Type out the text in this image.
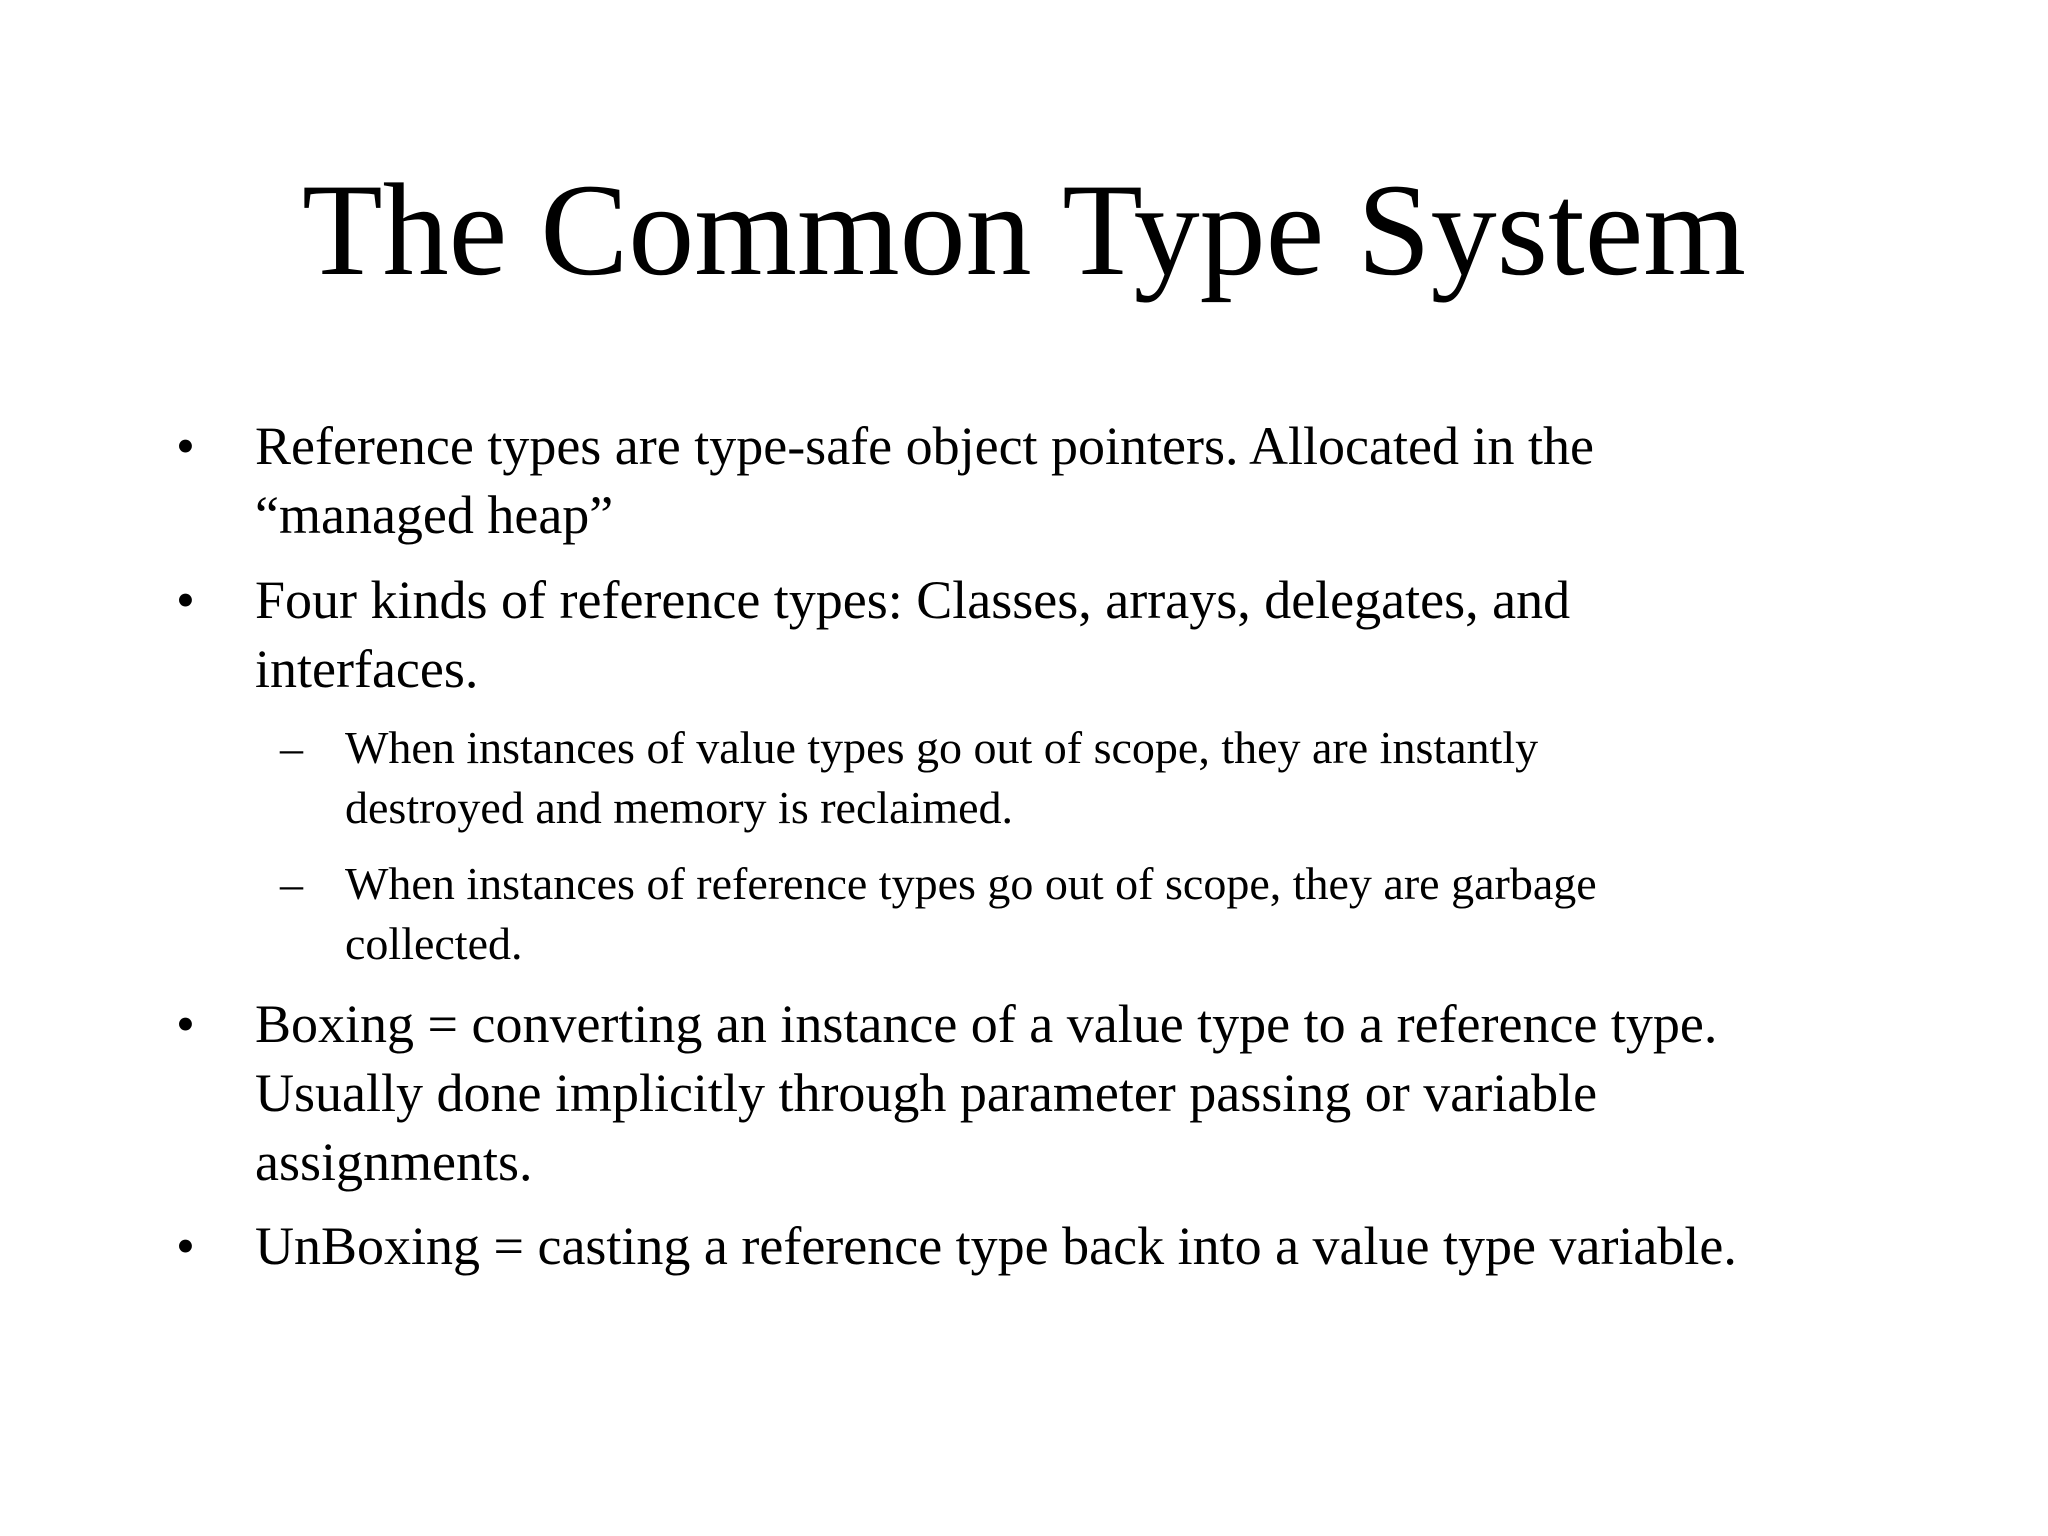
The Common Type System
• Reference types are type-safe object pointers. Allocated in the
“managed heap”
• Four kinds of reference types: Classes, arrays, delegates, and
interfaces.
– When instances of value types go out of scope, they are instantly
destroyed and memory is reclaimed.
– When instances of reference types go out of scope, they are garbage
collected.
• Boxing = converting an instance of a value type to a reference type.
Usually done implicitly through parameter passing or variable
assignments.
• UnBoxing = casting a reference type back into a value type variable.
